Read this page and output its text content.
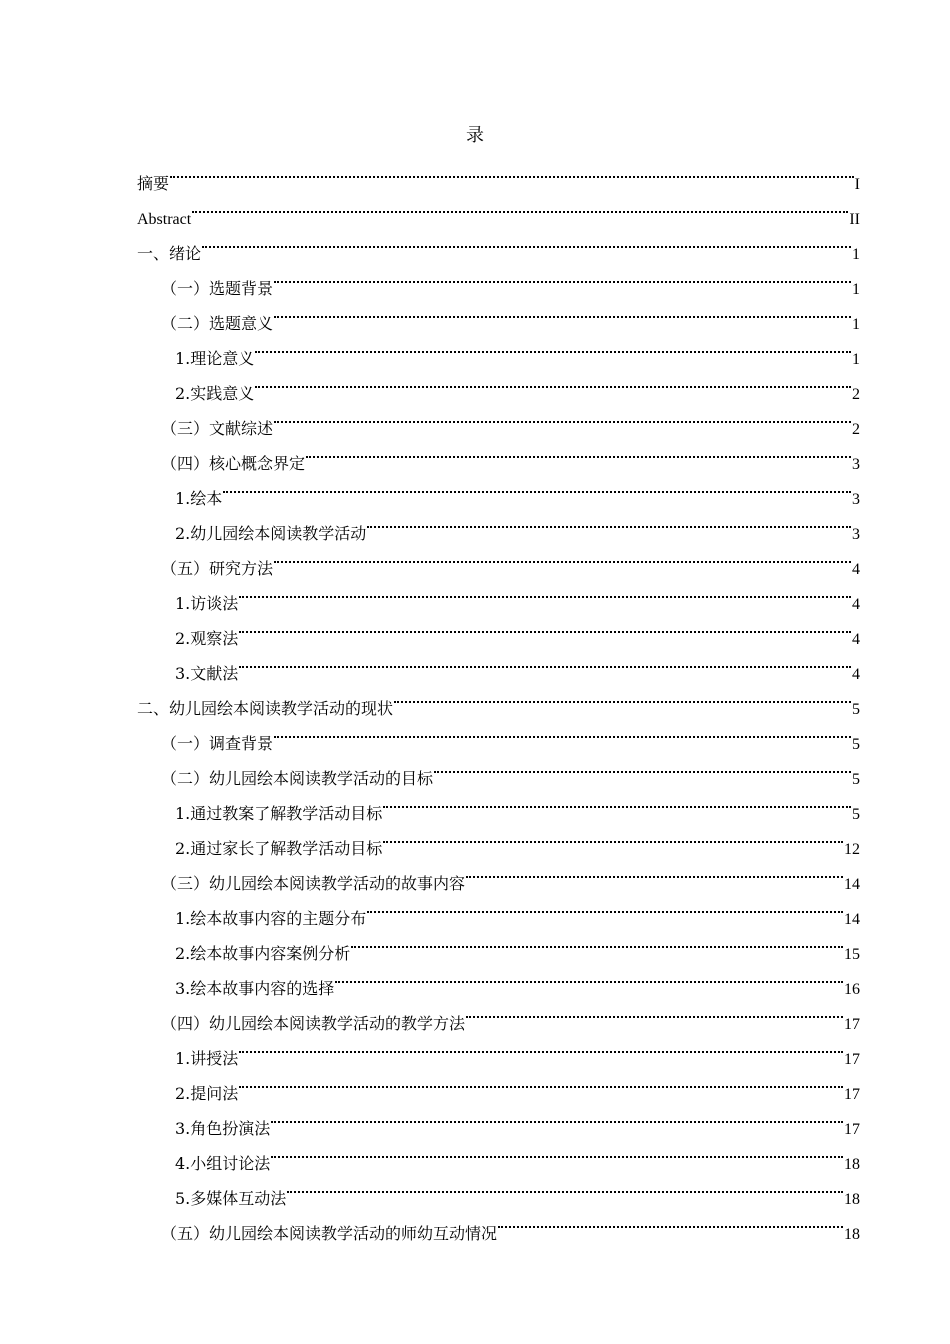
录
摘要	I
Abstract	II
一、绪论	1
（一）选题背景	1
（二）选题意义	1
1.理论意义	1
2.实践意义	2
（三）文献综述	2
（四）核心概念界定	3
1.绘本	3
2.幼儿园绘本阅读教学活动	3
（五）研究方法	4
1.访谈法	4
2.观察法	4
3.文献法	4
二、幼儿园绘本阅读教学活动的现状	5
（一）调查背景	5
（二）幼儿园绘本阅读教学活动的目标	5
1.通过教案了解教学活动目标	5
2.通过家长了解教学活动目标	12
（三）幼儿园绘本阅读教学活动的故事内容	14
1.绘本故事内容的主题分布	14
2.绘本故事内容案例分析	15
3.绘本故事内容的选择	16
（四）幼儿园绘本阅读教学活动的教学方法	17
1.讲授法	17
2.提问法	17
3.角色扮演法	17
4.小组讨论法	18
5.多媒体互动法	18
（五）幼儿园绘本阅读教学活动的师幼互动情况	18
